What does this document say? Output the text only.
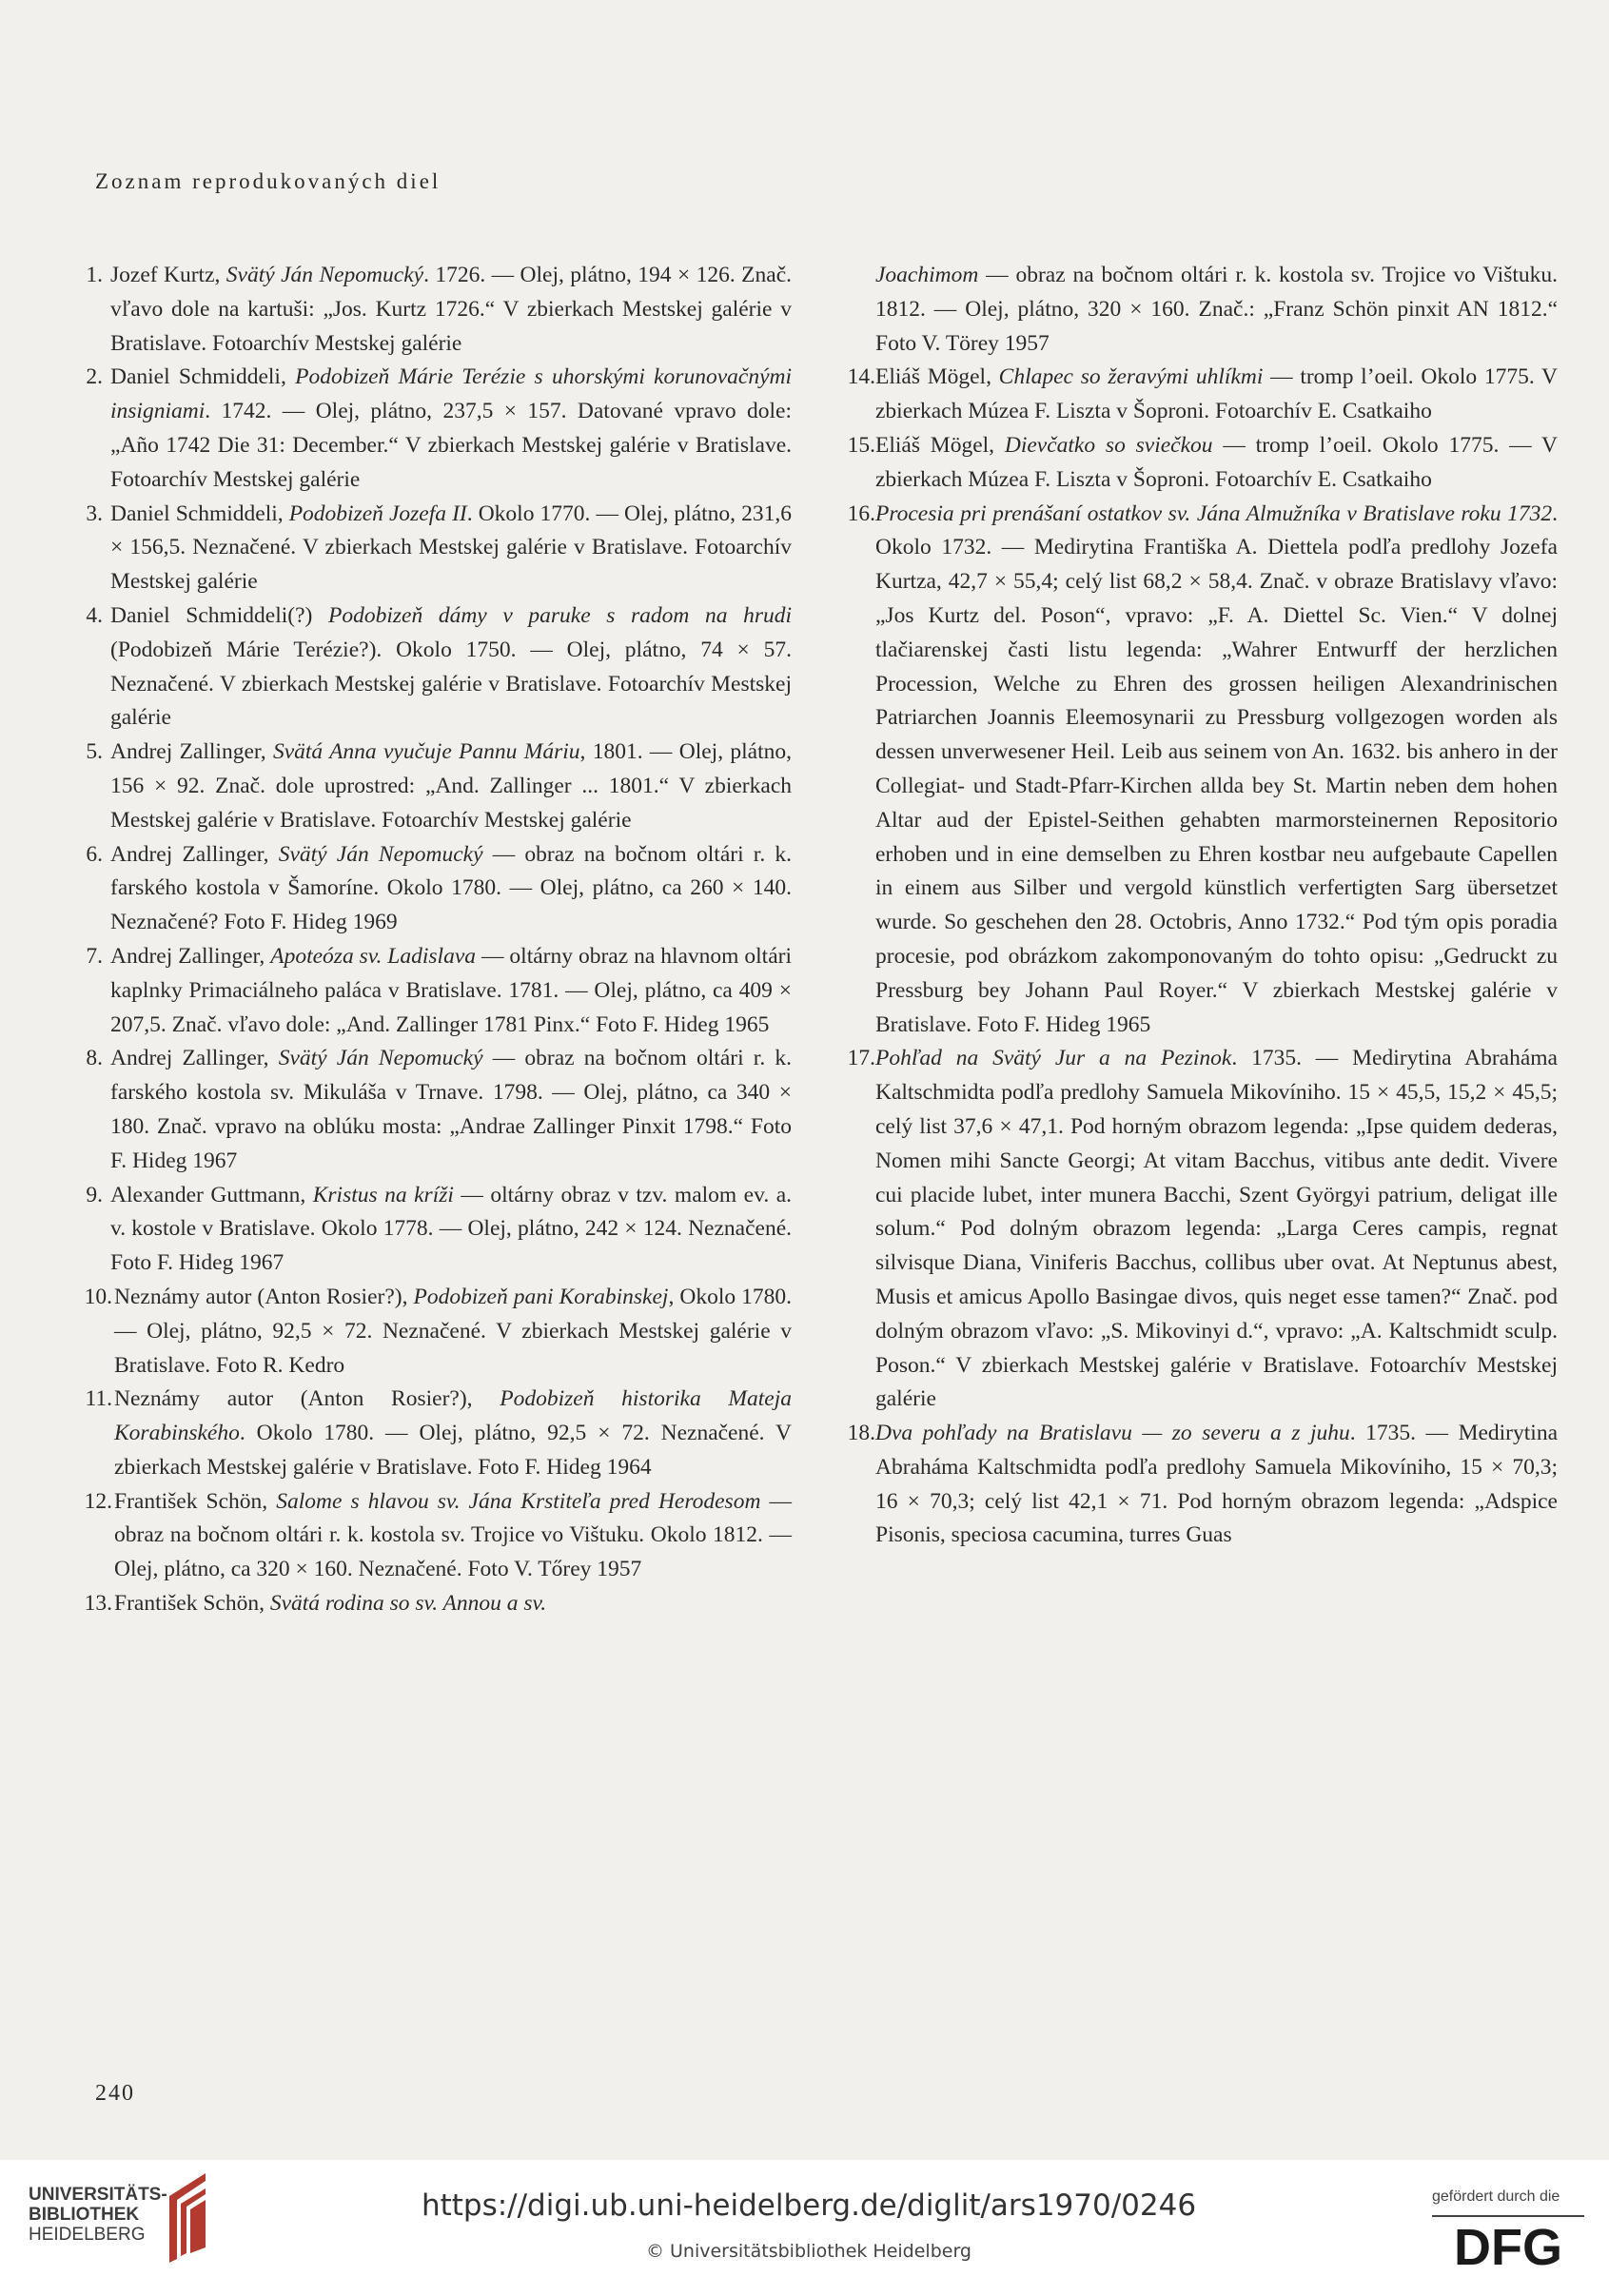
Zoznam reprodukovaných diel
1. Jozef Kurtz, Svätý Ján Nepomucký. 1726. — Olej, plátno, 194 × 126. Znač. vľavo dole na kartuši: „Jos. Kurtz 1726.“ V zbierkach Mestskej galérie v Bratislave. Fotoarchív Mestskej galérie
2. Daniel Schmiddeli, Podobizeň Márie Terézie s uhorskými korunovačnými insigniami. 1742. — Olej, plátno, 237,5 × 157. Datované vpravo dole: „Año 1742 Die 31: December.“ V zbierkach Mestskej galérie v Bratislave. Fotoarchív Mestskej galérie
3. Daniel Schmiddeli, Podobizeň Jozefa II. Okolo 1770. — Olej, plátno, 231,6 × 156,5. Neznačené. V zbierkach Mestskej galérie v Bratislave. Fotoarchív Mestskej galérie
4. Daniel Schmiddeli(?) Podobizeň dámy v paruke s radom na hrudi (Podobizeň Márie Terézie?). Okolo 1750. — Olej, plátno, 74 × 57. Neznačené. V zbierkach Mestskej galérie v Bratislave. Fotoarchív Mestskej galérie
5. Andrej Zallinger, Svätá Anna vyučuje Pannu Máriu, 1801. — Olej, plátno, 156 × 92. Znač. dole uprostred: „And. Zallinger ... 1801.“ V zbierkach Mestskej galérie v Bratislave. Fotoarchív Mestskej galérie
6. Andrej Zallinger, Svätý Ján Nepomucký — obraz na bočnom oltári r. k. farského kostola v Šamoríne. Okolo 1780. — Olej, plátno, ca 260 × 140. Neznačené? Foto F. Hideg 1969
7. Andrej Zallinger, Apoteóza sv. Ladislava — oltárny obraz na hlavnom oltári kaplnky Primaciálneho paláca v Bratislave. 1781. — Olej, plátno, ca 409 × 207,5. Znač. vľavo dole: „And. Zallinger 1781 Pinx.“ Foto F. Hideg 1965
8. Andrej Zallinger, Svätý Ján Nepomucký — obraz na bočnom oltári r. k. farského kostola sv. Mikuláša v Trnave. 1798. — Olej, plátno, ca 340 × 180. Znač. vpravo na oblúku mosta: „Andrae Zallinger Pinxit 1798.“ Foto F. Hideg 1967
9. Alexander Guttmann, Kristus na kríži — oltárny obraz v tzv. malom ev. a. v. kostole v Bratislave. Okolo 1778. — Olej, plátno, 242 × 124. Neznačené. Foto F. Hideg 1967
10. Neznámy autor (Anton Rosier?), Podobizeň pani Korabinskej, Okolo 1780. — Olej, plátno, 92,5 × 72. Neznačené. V zbierkach Mestskej galérie v Bratislave. Foto R. Kedro
11. Neznámy autor (Anton Rosier?), Podobizeň historika Mateja Korabinského. Okolo 1780. — Olej, plátno, 92,5 × 72. Neznačené. V zbierkach Mestskej galérie v Bratislave. Foto F. Hideg 1964
12. František Schön, Salome s hlavou sv. Jána Krstiteľa pred Herodesom — obraz na bočnom oltári r. k. kostola sv. Trojice vo Vištuku. Okolo 1812. — Olej, plátno, ca 320 × 160. Neznačené. Foto V. Tőrey 1957
13. František Schön, Svätá rodina so sv. Annou a sv.
Joachimom — obraz na bočnom oltári r. k. kostola sv. Trojice vo Vištuku. 1812. — Olej, plátno, 320 × 160. Znač.: „Franz Schön pinxit AN 1812.“ Foto V. Törey 1957
14. Eliáš Mögel, Chlapec so žeravými uhlíkmi — tromp l’oeil. Okolo 1775. V zbierkach Múzea F. Liszta v Šoproni. Fotoarchív E. Csatkaiho
15. Eliáš Mögel, Dievčatko so sviečkou — tromp l’oeil. Okolo 1775. — V zbierkach Múzea F. Liszta v Šoproni. Fotoarchív E. Csatkaiho
16. Procesia pri prenášaní ostatkov sv. Jána Almužníka v Bratislave roku 1732. Okolo 1732. — Medirytina Františka A. Diettela podľa predlohy Jozefa Kurtza, 42,7 × 55,4; celý list 68,2 × 58,4. Znač. v obraze Bratislavy vľavo: „Jos Kurtz del. Poson“, vpravo: „F. A. Diettel Sc. Vien.“ V dolnej tlačiarenskej časti listu legenda: „Wahrer Entwurff der herzlichen Procession, Welche zu Ehren des grossen heiligen Alexandrinischen Patriarchen Joannis Eleemosynarii zu Pressburg vollgezogen worden als dessen unverwesener Heil. Leib aus seinem von An. 1632. bis anhero in der Collegiat- und Stadt-Pfarr-Kirchen allda bey St. Martin neben dem hohen Altar aud der Epistel-Seithen gehabten marmorsteinernen Repositorio erhoben und in eine demselben zu Ehren kostbar neu aufgebaute Capellen in einem aus Silber und vergold künstlich verfertigten Sarg übersetzet wurde. So geschehen den 28. Octobris, Anno 1732.“ Pod tým opis poradia procesie, pod obrázkom zakomponovaným do tohto opisu: „Gedruckt zu Pressburg bey Johann Paul Royer.“ V zbierkach Mestskej galérie v Bratislave. Foto F. Hideg 1965
17. Pohľad na Svätý Jur a na Pezinok. 1735. — Medirytina Abraháma Kaltschmidta podľa predlohy Samuela Mikovíniho. 15 × 45,5, 15,2 × 45,5; celý list 37,6 × 47,1. Pod horným obrazom legenda: „Ipse quidem dederas, Nomen mihi Sancte Georgi; At vitam Bacchus, vitibus ante dedit. Vivere cui placide lubet, inter munera Bacchi, Szent Györgyi patrium, deligat ille solum.“ Pod dolným obrazom legenda: „Larga Ceres campis, regnat silvisque Diana, Viniferis Bacchus, collibus uber ovat. At Neptunus abest, Musis et amicus Apollo Basingae divos, quis neget esse tamen?“ Znač. pod dolným obrazom vľavo: „S. Mikovinyi d.“, vpravo: „A. Kaltschmidt sculp. Poson.“ V zbierkach Mestskej galérie v Bratislave. Fotoarchív Mestskej galérie
18. Dva pohľady na Bratislavu — zo severu a z juhu. 1735. — Medirytina Abraháma Kaltschmidta podľa predlohy Samuela Mikovíniho, 15 × 70,3; 16 × 70,3; celý list 42,1 × 71. Pod horným obrazom legenda: „Adspice Pisonis, speciosa cacumina, turres Guas
240
UNIVERSITÄTS-
BIBLIOTHEK
HEIDELBERG
https://digi.ub.uni-heidelberg.de/diglit/ars1970/0246
© Universitätsbibliothek Heidelberg
gefördert durch die
DFG
